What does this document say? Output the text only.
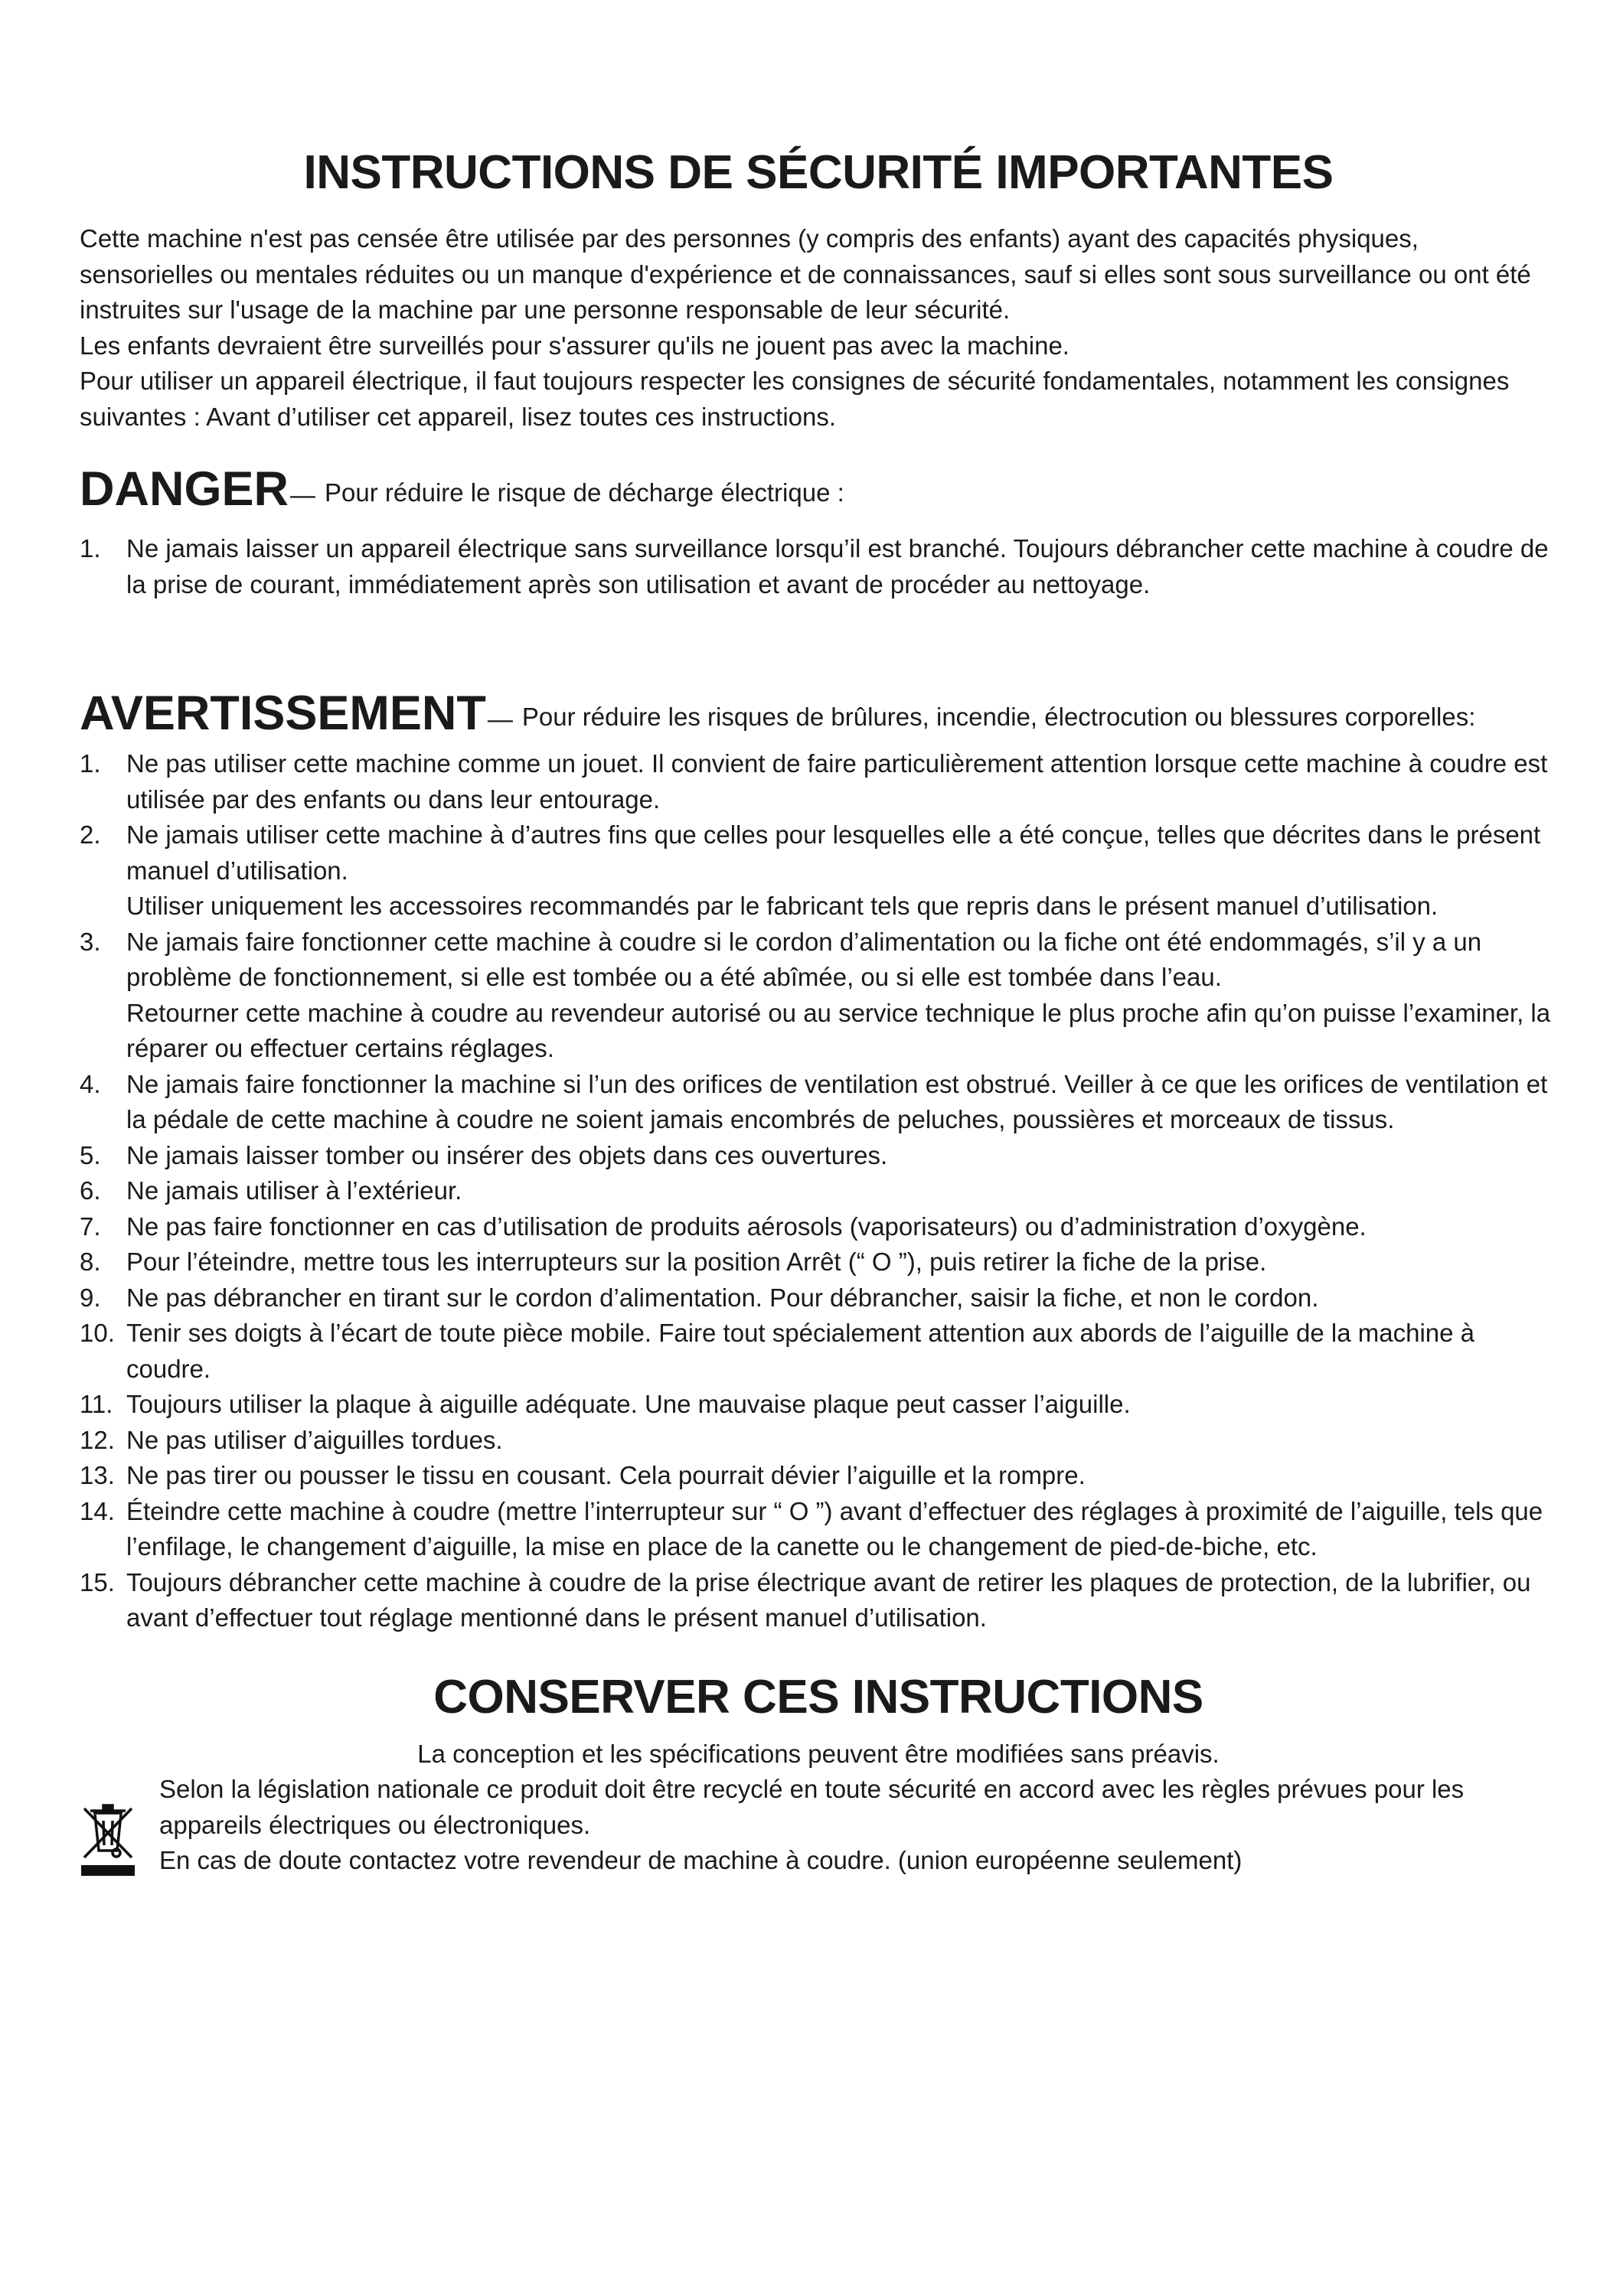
INSTRUCTIONS DE SÉCURITÉ IMPORTANTES

Cette machine n'est pas censée être utilisée par des personnes (y compris des enfants) ayant des capacités physiques, sensorielles ou mentales réduites ou un manque d'expérience et de connaissances, sauf si elles sont sous surveillance ou ont été instruites sur l'usage de la machine par une personne responsable de leur sécurité.

Les enfants devraient être surveillés pour s'assurer qu'ils ne jouent pas avec la machine.

Pour utiliser un appareil électrique, il faut toujours respecter les consignes de sécurité fondamentales, notamment les consignes suivantes : Avant d’utiliser cet appareil, lisez toutes ces instructions.

DANGER — Pour réduire le risque de décharge électrique :
1.	Ne jamais laisser un appareil électrique sans surveillance lorsqu’il est branché. Toujours débrancher cette machine à coudre de la prise de courant, immédiatement après son utilisation et avant de procéder au nettoyage.

AVERTISSEMENT — Pour réduire les risques de brûlures, incendie, électrocution ou blessures corporelles:
1.	Ne pas utiliser cette machine comme un jouet. Il convient de faire particulièrement attention lorsque cette machine à coudre est utilisée par des enfants ou dans leur entourage.

2.	Ne jamais utiliser cette machine à d’autres fins que celles pour lesquelles elle a été conçue, telles que décrites dans le présent manuel d’utilisation.

Utiliser uniquement les accessoires recommandés par le fabricant tels que repris dans le présent manuel d’utilisation.

3.	Ne jamais faire fonctionner cette machine à coudre si le cordon d’alimentation ou la fiche ont été endommagés, s’il y a un problème de fonctionnement, si elle est tombée ou a été abîmée, ou si elle est tombée dans l’eau.

Retourner cette machine à coudre au revendeur autorisé ou au service technique le plus proche afin qu’on puisse l’examiner, la réparer ou effectuer certains réglages.

4.	Ne jamais faire fonctionner la machine si l’un des orifices de ventilation est obstrué. Veiller à ce que les orifices de ventilation et la pédale de cette machine à coudre ne soient jamais encombrés de peluches, poussières et morceaux de tissus.

5.	Ne jamais laisser tomber ou insérer des objets dans ces ouvertures.

6.	Ne jamais utiliser à l’extérieur.

7.	Ne pas faire fonctionner en cas d’utilisation de produits aérosols (vaporisateurs) ou d’administration d’oxygène.

8.	Pour l’éteindre, mettre tous les interrupteurs sur la position Arrêt (“ O ”), puis retirer la fiche de la prise.

9.	Ne pas débrancher en tirant sur le cordon d’alimentation. Pour débrancher, saisir la fiche, et non le cordon.

10. Tenir ses doigts à l’écart de toute pièce mobile. Faire tout spécialement attention aux abords de l’aiguille de la machine à coudre.

11. Toujours utiliser la plaque à aiguille adéquate. Une mauvaise plaque peut casser l’aiguille.

12. Ne pas utiliser d’aiguilles tordues.

13. Ne pas tirer ou pousser le tissu en cousant. Cela pourrait dévier l’aiguille et la rompre.

14. Éteindre cette machine à coudre (mettre l’interrupteur sur “ O ”) avant d’effectuer des réglages à proximité de l’aiguille, tels que l’enfilage, le changement d’aiguille, la mise en place de la canette ou le changement de pied-de-biche, etc.

15. Toujours débrancher cette machine à coudre de la prise électrique avant de retirer les plaques de protection, de la lubrifier, ou avant d’effectuer tout réglage mentionné dans le présent manuel d’utilisation.

CONSERVER CES INSTRUCTIONS
La conception et les spécifications peuvent être modifiées sans préavis.

Selon la législation nationale ce produit doit être recyclé en toute sécurité en accord avec les règles prévues pour les appareils électriques ou électroniques.

En cas de doute contactez votre revendeur de machine à coudre. (union européenne seulement)
